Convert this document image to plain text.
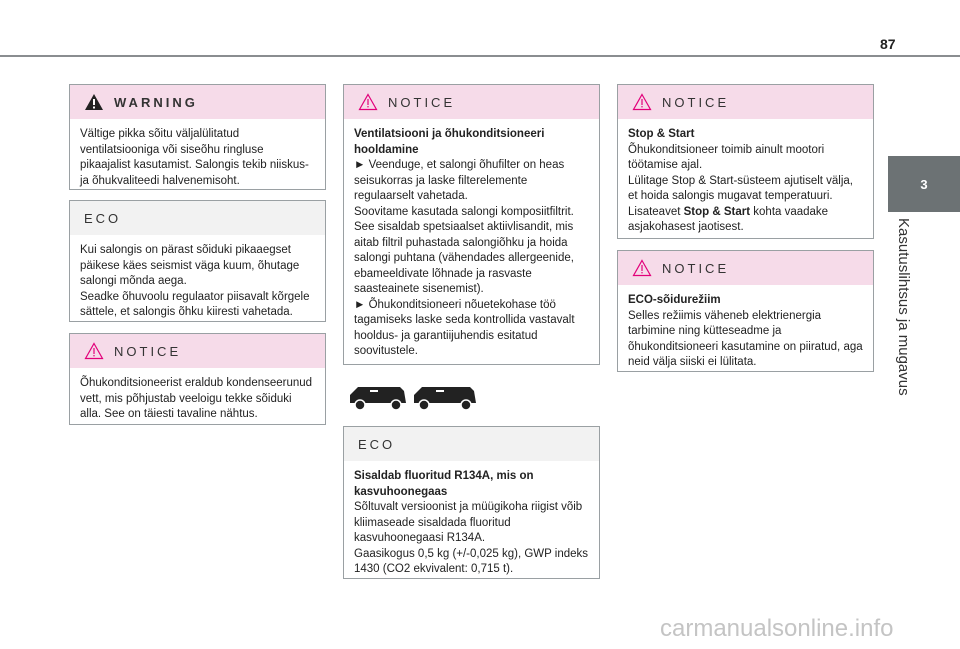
87
3
Kasutuslihtsus ja mugavus
WARNING

Vältige pikka sõitu väljalülitatud ventilatsiooniga või siseõhu ringluse pikaajalist kasutamist. Salongis tekib niiskus- ja õhukvaliteedi halvenemisoht.

ECO

Kui salongis on pärast sõiduki pikaaegset päikese käes seismist väga kuum, õhutage salongi mõnda aega.

Seadke õhuvoolu regulaator piisavalt kõrgele sättele, et salongis õhku kiiresti vahetada.

NOTICE

Õhukonditsioneerist eraldub kondenseerunud vett, mis põhjustab veeloigu tekke sõiduki alla. See on täiesti tavaline nähtus.

NOTICE

Ventilatsiooni ja õhukonditsioneeri hooldamine

► Veenduge, et salongi õhufilter on heas seisukorras ja laske filterelemente regulaarselt vahetada.

Soovitame kasutada salongi komposiitfiltrit. See sisaldab spetsiaalset aktiivlisandit, mis aitab filtril puhastada salongiõhku ja hoida salongi puhtana (vähendades allergeenide, ebameeldivate lõhnade ja rasvaste saasteainete sisenemist).

► Õhukonditsioneeri nõuetekohase töö tagamiseks laske seda kontrollida vastavalt hooldus- ja garantiijuhendis esitatud soovitustele.

ECO

Sisaldab fluoritud R134A, mis on kasvuhoonegaas

Sõltuvalt versioonist ja müügikoha riigist võib kliimaseade sisaldada fluoritud kasvuhoonegaasi R134A.

Gaasikogus 0,5 kg (+/-0,025 kg), GWP indeks 1430 (CO2 ekvivalent: 0,715 t).

NOTICE

Stop & Start

Õhukonditsioneer toimib ainult mootori töötamise ajal.

Lülitage Stop & Start-süsteem ajutiselt välja, et hoida salongis mugavat temperatuuri.

Lisateavet Stop & Start kohta vaadake asjakohasest jaotisest.

NOTICE

ECO-sõidurežiim

Selles režiimis väheneb elektrienergia tarbimine ning kütteseadme ja õhukonditsioneeri kasutamine on piiratud, aga neid välja siiski ei lülitata.

carmanualsonline.info
